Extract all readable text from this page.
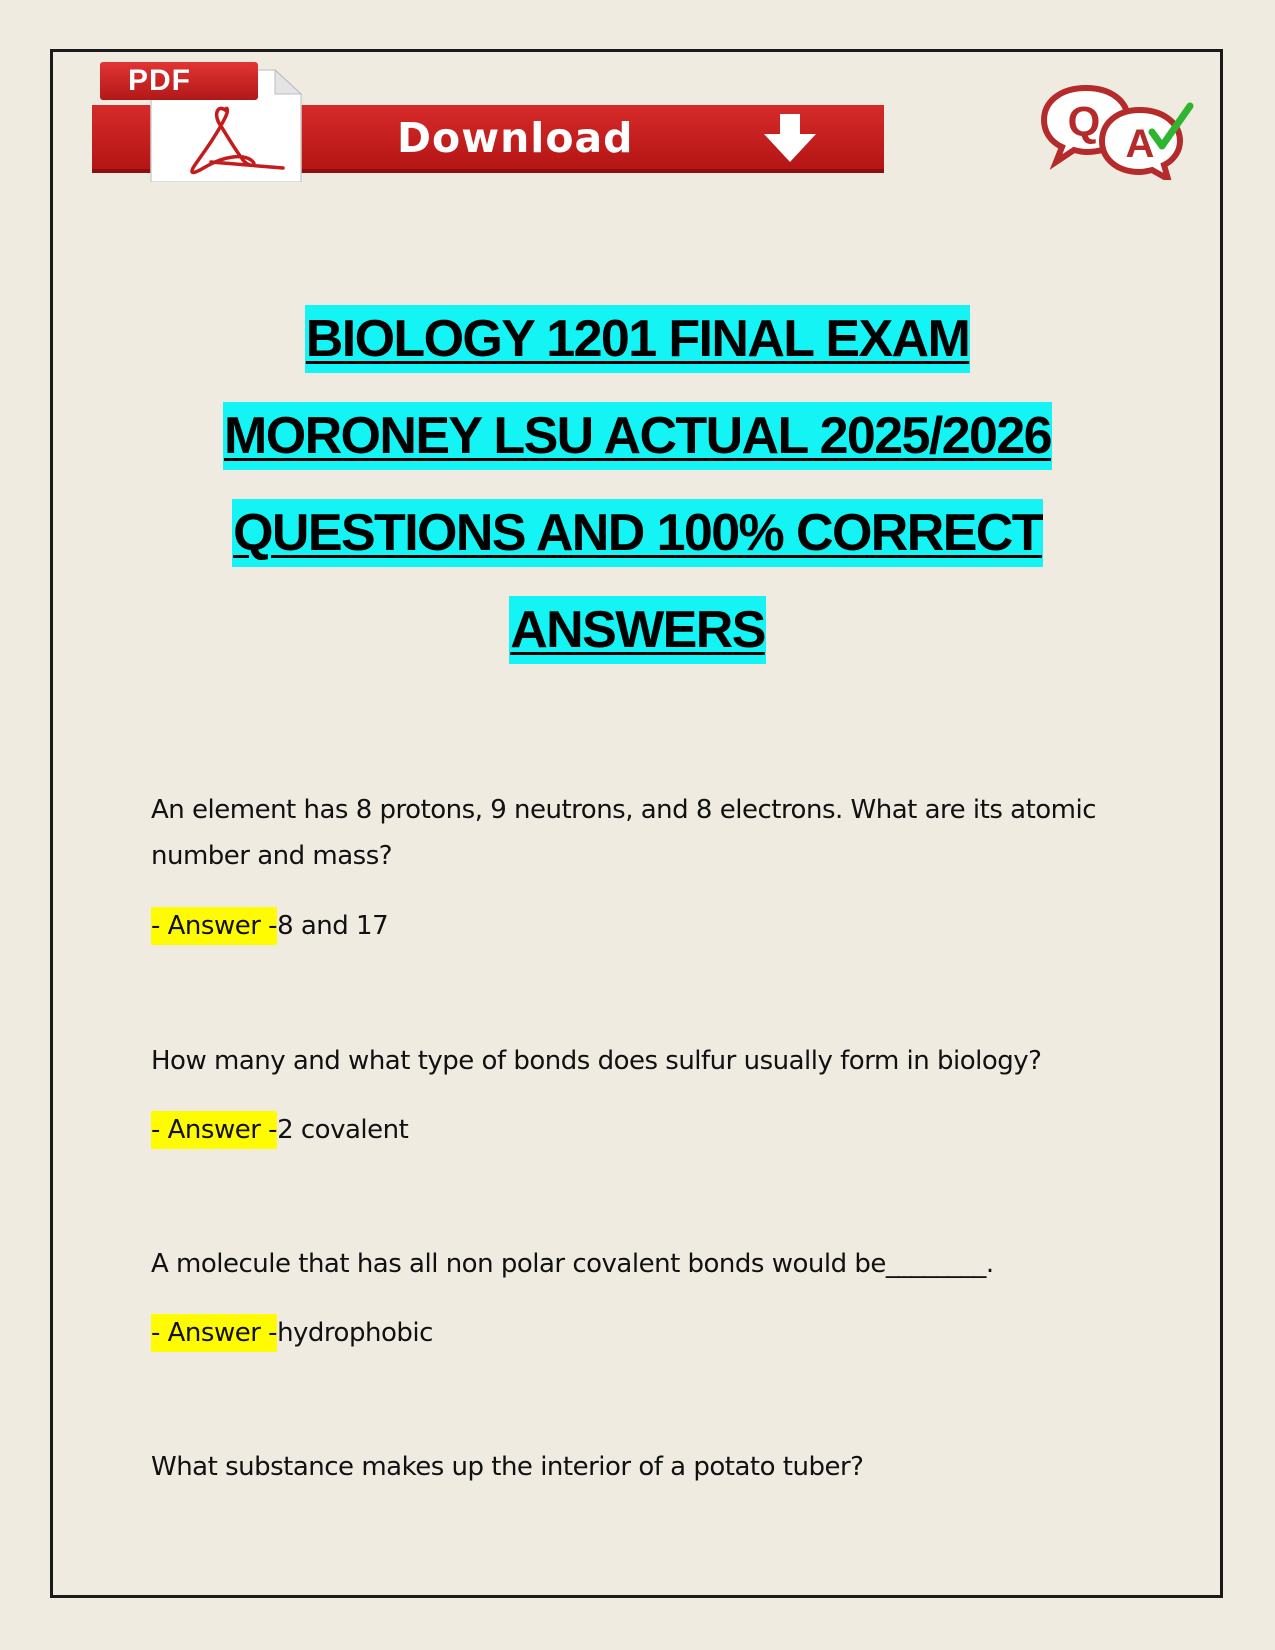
PDF
Download	Q A
BIOLOGY 1201 FINAL EXAM
MORONEY LSU ACTUAL 2025/2026
QUESTIONS AND 100% CORRECT
ANSWERS

An element has 8 protons, 9 neutrons, and 8 electrons. What are its atomic number and mass?

- Answer -8 and 17

How many and what type of bonds does sulfur usually form in biology?

- Answer -2 covalent

A molecule that has all non polar covalent bonds would be________.

- Answer -hydrophobic

What substance makes up the interior of a potato tuber?
